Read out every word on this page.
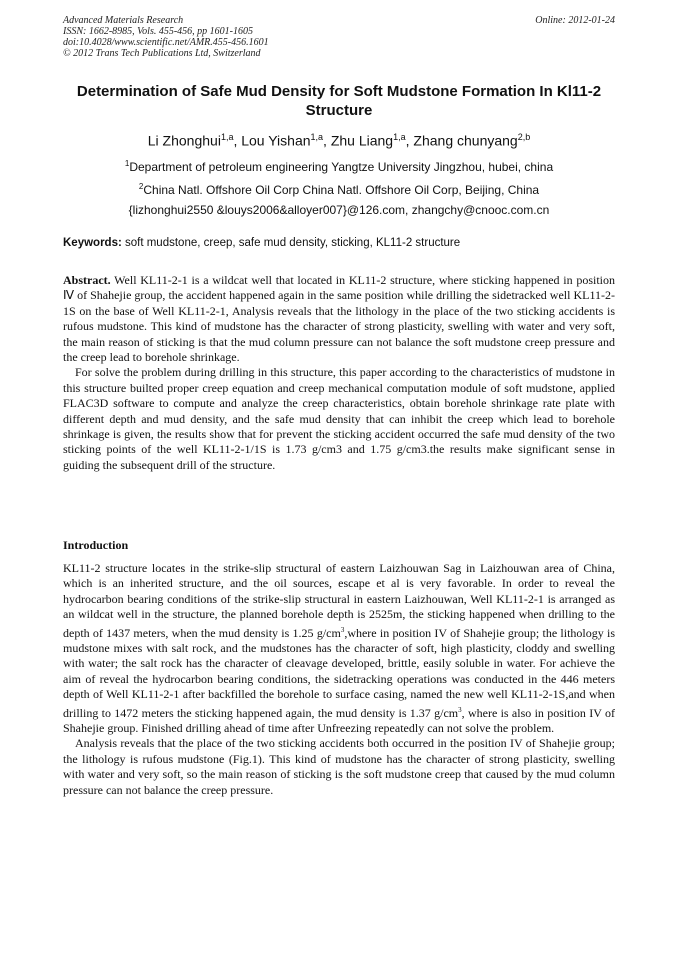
Advanced Materials Research
ISSN: 1662-8985, Vols. 455-456, pp 1601-1605
doi:10.4028/www.scientific.net/AMR.455-456.1601
© 2012 Trans Tech Publications Ltd, Switzerland
Online: 2012-01-24
Determination of Safe Mud Density for Soft Mudstone Formation In Kl11-2 Structure
Li Zhonghui$^{1,a}$, Lou Yishan$^{1,a}$, Zhu Liang$^{1,a}$, Zhang chunyang$^{2,b}$
$^1$Department of petroleum engineering Yangtze University Jingzhou, hubei, china
$^2$China Natl. Offshore Oil Corp China Natl. Offshore Oil Corp, Beijing, China
{lizhonghui2550 &louys2006&alloyer007}@126.com, zhangchy@cnooc.com.cn
Keywords: soft mudstone, creep, safe mud density, sticking, KL11-2 structure

Abstract. Well KL11-2-1 is a wildcat well that located in KL11-2 structure, where sticking happened in position Ⅳ of Shahejie group, the accident happened again in the same position while drilling the sidetracked well KL11-2-1S on the base of Well KL11-2-1, Analysis reveals that the lithology in the place of the two sticking accidents is rufous mudstone. This kind of mudstone has the character of strong plasticity, swelling with water and very soft, the main reason of sticking is that the mud column pressure can not balance the soft mudstone creep pressure and the creep lead to borehole shrinkage.

For solve the problem during drilling in this structure, this paper according to the characteristics of mudstone in this structure builted proper creep equation and creep mechanical computation module of soft mudstone, applied FLAC3D software to compute and analyze the creep characteristics, obtain borehole shrinkage rate plate with different depth and mud density, and the safe mud density that can inhibit the creep which lead to borehole shrinkage is given, the results show that for prevent the sticking accident occurred the safe mud density of the two sticking points of the well KL11-2-1/1S is 1.73 g/cm3 and 1.75 g/cm3.the results make significant sense in guiding the subsequent drill of the structure.

Introduction

KL11-2 structure locates in the strike-slip structural of eastern Laizhouwan Sag in Laizhouwan area of China, which is an inherited structure, and the oil sources, escape et al is very favorable. In order to reveal the hydrocarbon bearing conditions of the strike-slip structural in eastern Laizhouwan, Well KL11-2-1 is arranged as an wildcat well in the structure, the planned borehole depth is 2525m, the sticking happened when drilling to the depth of 1437 meters, when the mud density is 1.25 g/cm$^3$,where in position IV of Shahejie group; the lithology is mudstone mixes with salt rock, and the mudstones has the character of soft, high plasticity, cloddy and swelling with water; the salt rock has the character of cleavage developed, brittle, easily soluble in water. For achieve the aim of reveal the hydrocarbon bearing conditions, the sidetracking operations was conducted in the 446 meters depth of Well KL11-2-1 after backfilled the borehole to surface casing, named the new well KL11-2-1S,and when drilling to 1472 meters the sticking happened again, the mud density is 1.37 g/cm$^3$, where is also in position IV of Shahejie group. Finished drilling ahead of time after Unfreezing repeatedly can not solve the problem.

Analysis reveals that the place of the two sticking accidents both occurred in the position IV of Shahejie group; the lithology is rufous mudstone (Fig.1). This kind of mudstone has the character of strong plasticity, swelling with water and very soft, so the main reason of sticking is the soft mudstone creep that caused by the mud column pressure can not balance the creep pressure.
